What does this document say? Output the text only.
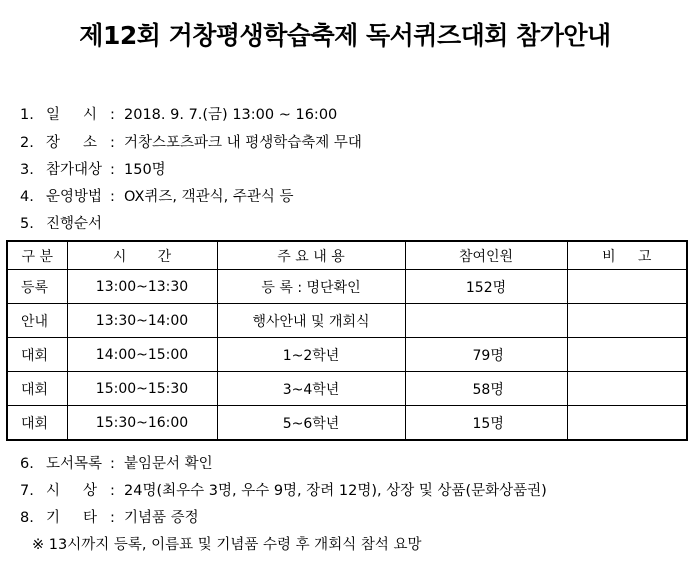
제12회 거창평생학습축제 독서퀴즈대회 참가안내
1. 일     시 : 2018. 9. 7.(금) 13:00 ~ 16:00
2. 장     소 : 거창스포츠파크 내 평생학습축제 무대
3. 참가대상 : 150명
4. 운영방법 : OX퀴즈, 객관식, 주관식 등
5. 진행순서
구 분	시       간	주 요 내 용	참여인원	비     고
등록	13:00~13:30	등 록 : 명단확인	152명	
안내	13:30~14:00	행사안내 및 개회식		
대회	14:00~15:00	1~2학년	79명	
대회	15:00~15:30	3~4학년	58명	
대회	15:30~16:00	5~6학년	15명	
6. 도서목록 : 붙임문서 확인
7. 시     상 : 24명(최우수 3명, 우수 9명, 장려 12명), 상장 및 상품(문화상품권)
8. 기     타 : 기념품 증정
※ 13시까지 등록, 이름표 및 기념품 수령 후 개회식 참석 요망
